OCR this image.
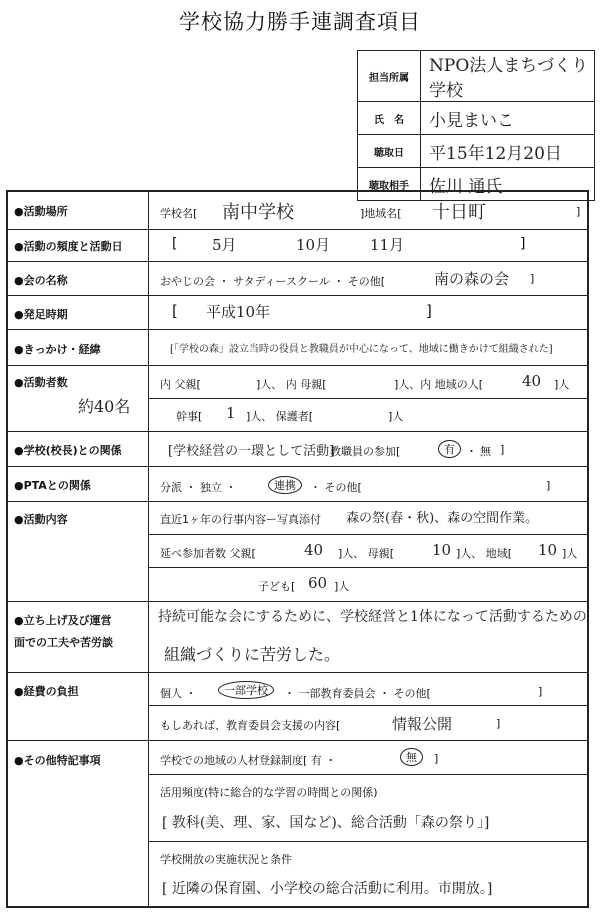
学校協力勝手連調査項目
担当所属	NPO法人まちづくり学校
氏　名	小見まいこ
聴取日	平15年12月20日
聴取相手	佐川 通氏
●活動場所	学校名[ 南中学校	]地域名[ 十日町	]
●活動の頻度と活動日	[ 5月	10月	11月	]
●会の名称	おやじの会 ・ サタディースクール ・ その他[	南の森の会 ]
●発足時期	[ 平成10年	]
●きっかけ・経緯	[「学校の森」設立当時の役員と教職員が中心になって、地域に働きかけて組織された]
●活動者数
約40名
内 父親[	]人、 内 母親[	]人、内 地域の人[	40 ]人
幹事[ 1 ]人、 保護者[	]人
●学校(校長)との関係	[学校経営の一環として活動]
教職員の参加[	有	・ 無 ]
●PTAとの関係	分派 ・ 独立 ・	連携	・ その他[	]
●活動内容	直近1ヶ年の行事内容ー写真添付 森の祭(春・秋)、森の空間作業。
延べ参加者数 父親[	40 ]人、 母親[	10 ]人、 地域[ 10 ]人
子ども[ 60 ]人
●立ち上げ及び運営
面での工夫や苦労談
持続可能な会にするために、学校経営と1体になって活動するための
組織づくりに苦労した。
●経費の負担	個人 ・	一部学校	・ 一部教育委員会 ・ その他[	]
もしあれば、教育委員会支援の内容[	情報公開	]
●その他特記事項	学校での地域の人材登録制度[ 有 ・	無	]
活用頻度(特に総合的な学習の時間との関係)
[ 教科(美、理、家、国など)、総合活動「森の祭り」]
学校開放の実施状況と条件
[ 近隣の保育園、小学校の総合活動に利用。市開放。]
